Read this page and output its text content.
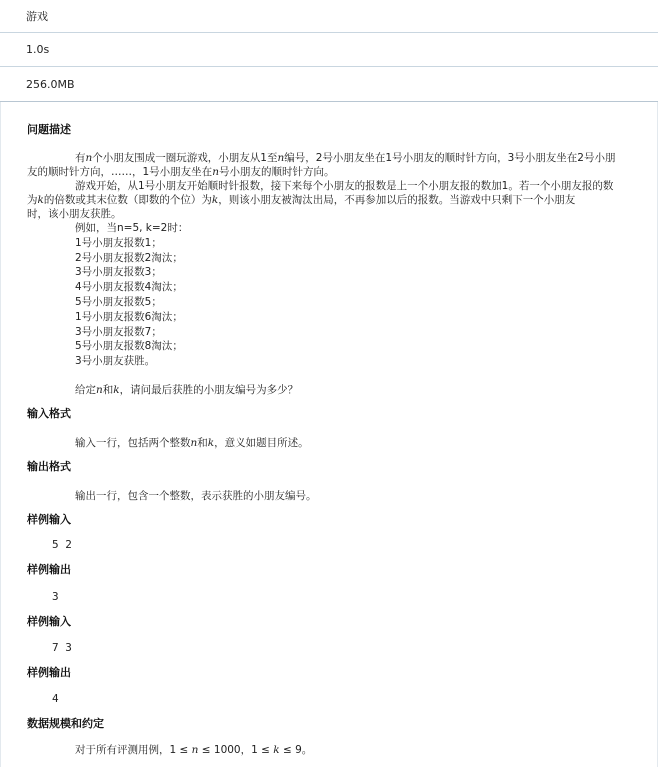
游戏
1.0s
256.0MB
问题描述
有n个小朋友围成一圈玩游戏，小朋友从1至n编号，2号小朋友坐在1号小朋友的顺时针方向，3号小朋友坐在2号小朋
友的顺时针方向，……，1号小朋友坐在n号小朋友的顺时针方向。
游戏开始，从1号小朋友开始顺时针报数，接下来每个小朋友的报数是上一个小朋友报的数加1。若一个小朋友报的数
为k的倍数或其末位数（即数的个位）为k，则该小朋友被淘汰出局，不再参加以后的报数。当游戏中只剩下一个小朋友
时，该小朋友获胜。
例如，当n=5, k=2时：
1号小朋友报数1；
2号小朋友报数2淘汰；
3号小朋友报数3；
4号小朋友报数4淘汰；
5号小朋友报数5；
1号小朋友报数6淘汰；
3号小朋友报数7；
5号小朋友报数8淘汰；
3号小朋友获胜。
给定n和k，请问最后获胜的小朋友编号为多少？
输入格式
输入一行，包括两个整数n和k，意义如题目所述。
输出格式
输出一行，包含一个整数，表示获胜的小朋友编号。
样例输入
5 2
样例输出
3
样例输入
7 3
样例输出
4
数据规模和约定
对于所有评测用例，1 ≤ n ≤ 1000，1 ≤ k ≤ 9。
